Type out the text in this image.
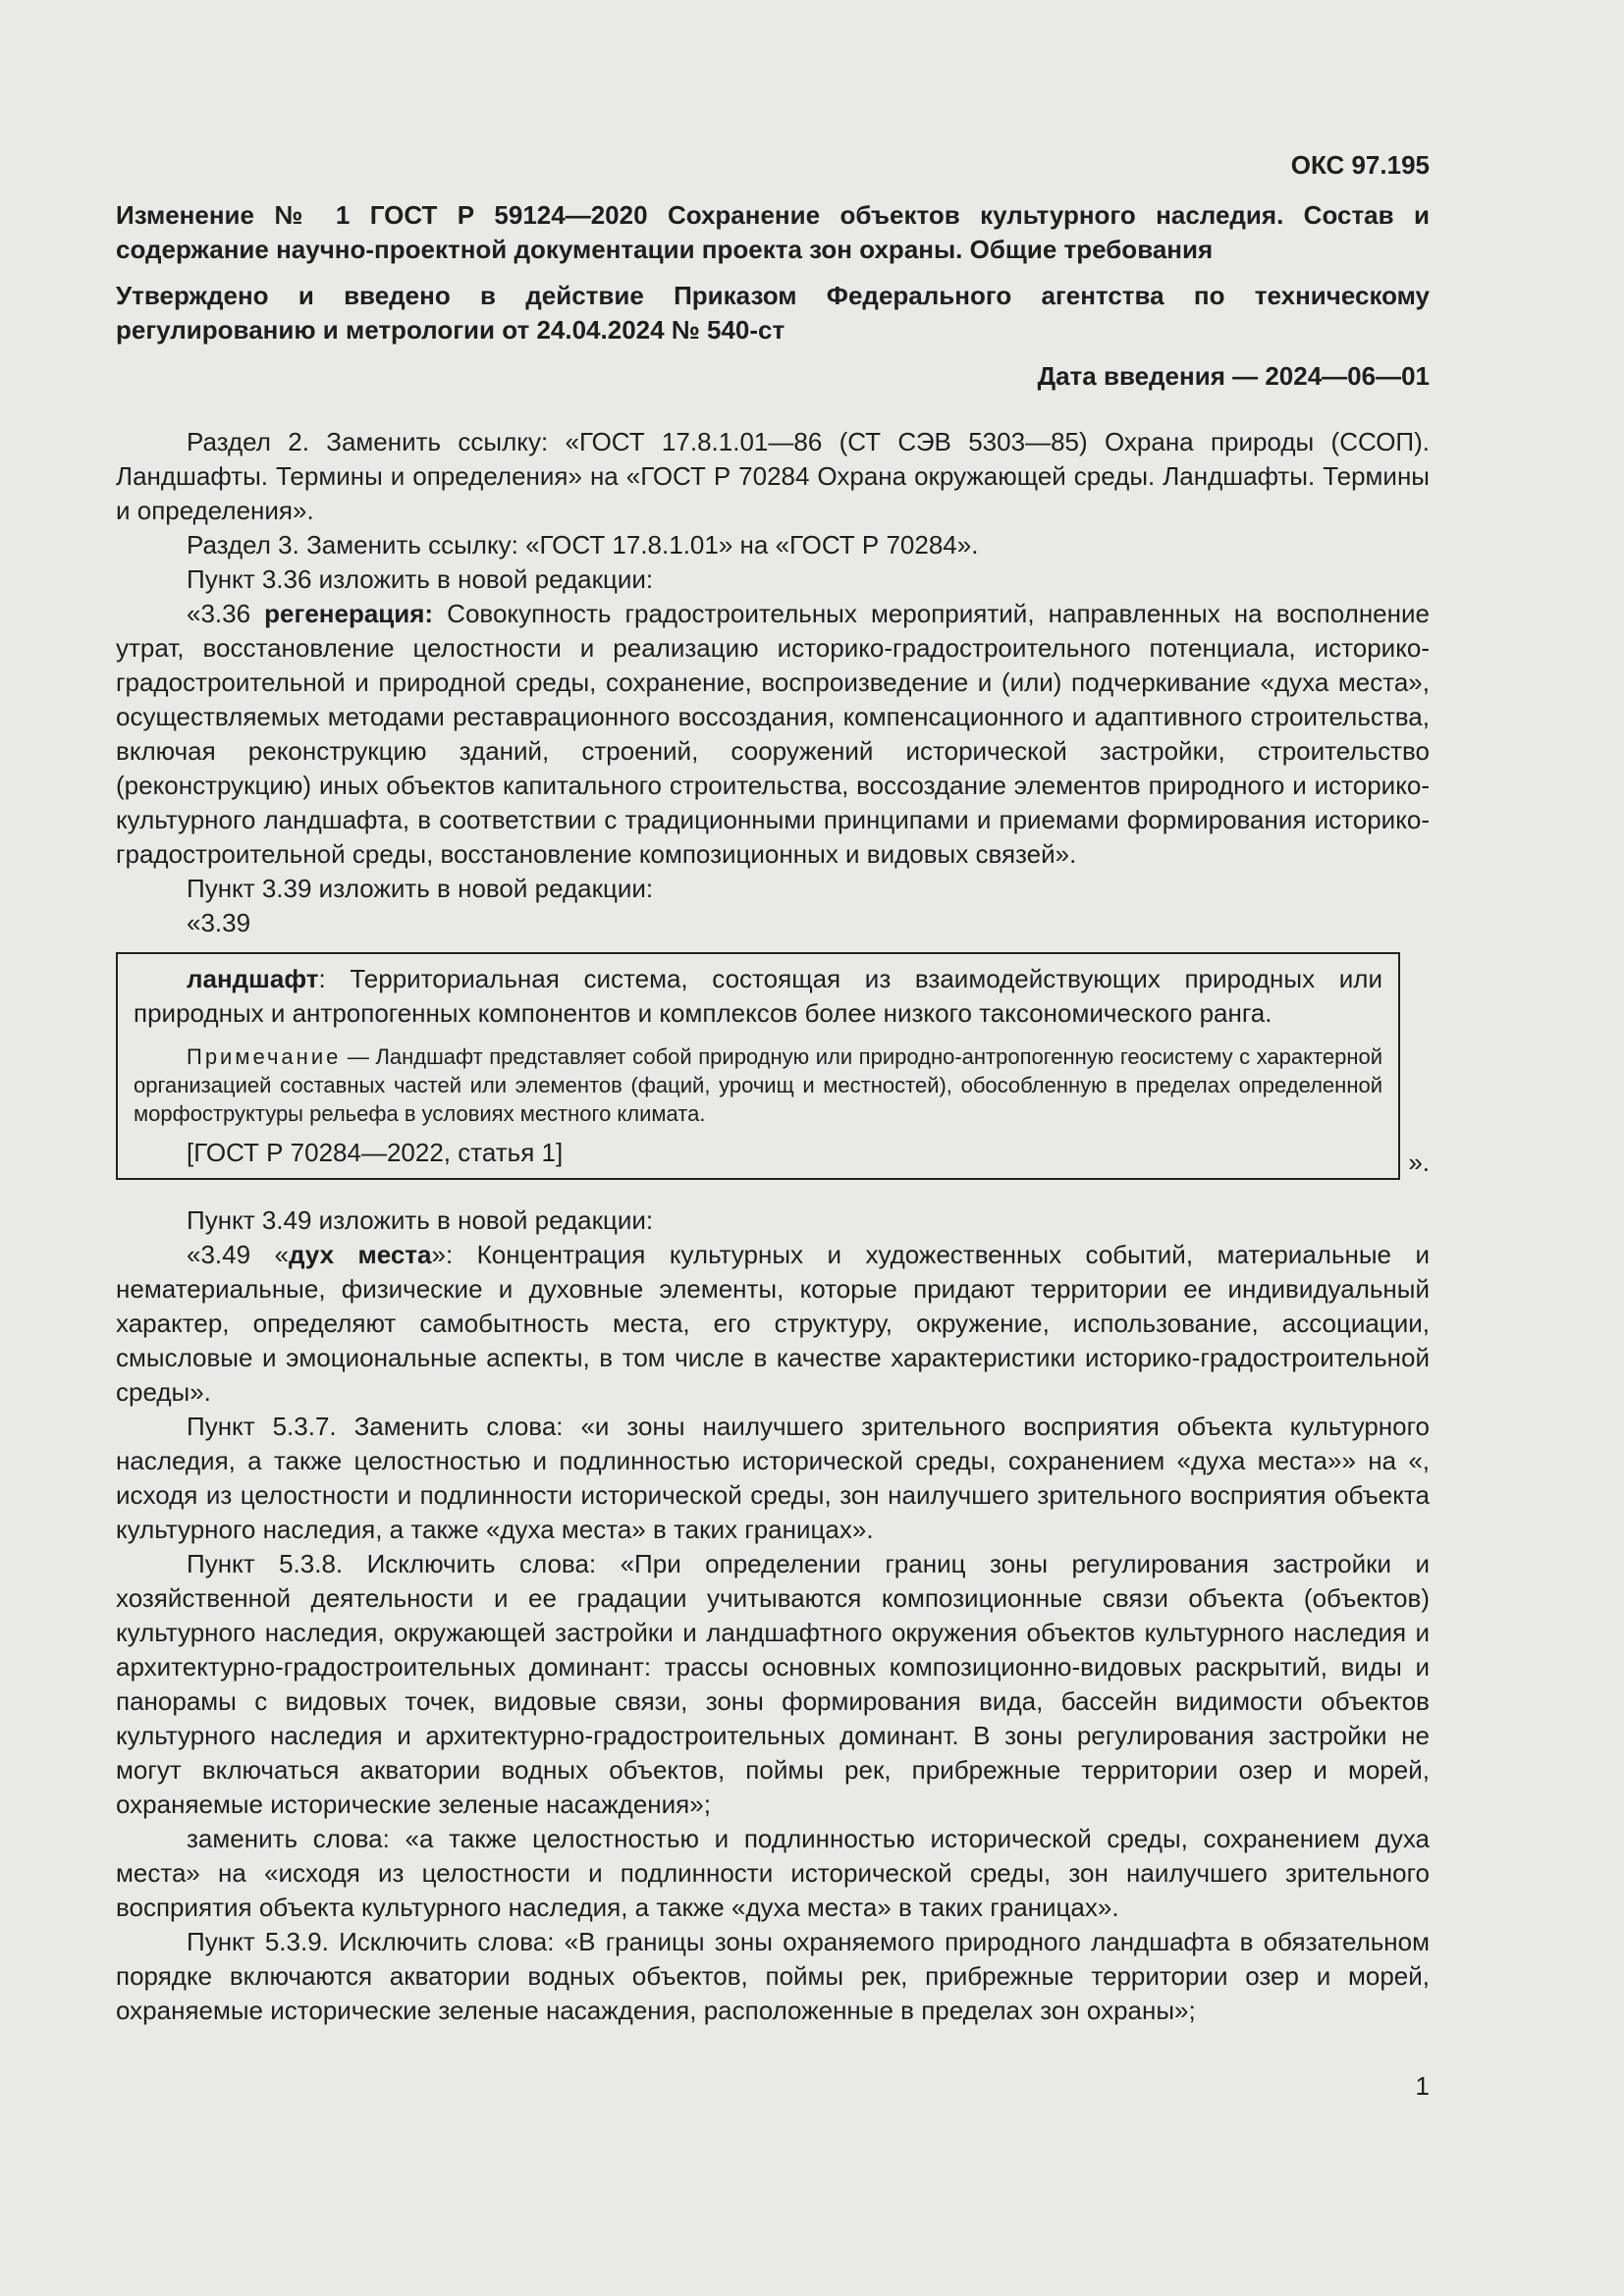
ОКС 97.195

Изменение № 1 ГОСТ Р 59124—2020 Сохранение объектов культурного наследия. Состав и содержание научно-проектной документации проекта зон охраны. Общие требования

Утверждено и введено в действие Приказом Федерального агентства по техническому регулированию и метрологии от 24.04.2024 № 540-ст

Дата введения — 2024—06—01

Раздел 2. Заменить ссылку: «ГОСТ 17.8.1.01—86 (СТ СЭВ 5303—85) Охрана природы (ССОП). Ландшафты. Термины и определения» на «ГОСТ Р 70284 Охрана окружающей среды. Ландшафты. Термины и определения».

Раздел 3. Заменить ссылку: «ГОСТ 17.8.1.01» на «ГОСТ Р 70284».

Пункт 3.36 изложить в новой редакции:

«3.36 регенерация: Совокупность градостроительных мероприятий, направленных на восполнение утрат, восстановление целостности и реализацию историко-градостроительного потенциала, историко-градостроительной и природной среды, сохранение, воспроизведение и (или) подчеркивание «духа места», осуществляемых методами реставрационного воссоздания, компенсационного и адаптивного строительства, включая реконструкцию зданий, строений, сооружений исторической застройки, строительство (реконструкцию) иных объектов капитального строительства, воссоздание элементов природного и историко-культурного ландшафта, в соответствии с традиционными принципами и приемами формирования историко-градостроительной среды, восстановление композиционных и видовых связей».

Пункт 3.39 изложить в новой редакции:

«3.39

ландшафт: Территориальная система, состоящая из взаимодействующих природных или природных и антропогенных компонентов и комплексов более низкого таксономического ранга.

Примечание — Ландшафт представляет собой природную или природно-антропогенную геосистему с характерной организацией составных частей или элементов (фаций, урочищ и местностей), обособленную в пределах определенной морфоструктуры рельефа в условиях местного климата.

[ГОСТ Р 70284—2022, статья 1]	».

Пункт 3.49 изложить в новой редакции:

«3.49 «дух места»: Концентрация культурных и художественных событий, материальные и нематериальные, физические и духовные элементы, которые придают территории ее индивидуальный характер, определяют самобытность места, его структуру, окружение, использование, ассоциации, смысловые и эмоциональные аспекты, в том числе в качестве характеристики историко-градостроительной среды».

Пункт 5.3.7. Заменить слова: «и зоны наилучшего зрительного восприятия объекта культурного наследия, а также целостностью и подлинностью исторической среды, сохранением «духа места»» на «, исходя из целостности и подлинности исторической среды, зон наилучшего зрительного восприятия объекта культурного наследия, а также «духа места» в таких границах».

Пункт 5.3.8. Исключить слова: «При определении границ зоны регулирования застройки и хозяйственной деятельности и ее градации учитываются композиционные связи объекта (объектов) культурного наследия, окружающей застройки и ландшафтного окружения объектов культурного наследия и архитектурно-градостроительных доминант: трассы основных композиционно-видовых раскрытий, виды и панорамы с видовых точек, видовые связи, зоны формирования вида, бассейн видимости объектов культурного наследия и архитектурно-градостроительных доминант. В зоны регулирования застройки не могут включаться акватории водных объектов, поймы рек, прибрежные территории озер и морей, охраняемые исторические зеленые насаждения»;

заменить слова: «а также целостностью и подлинностью исторической среды, сохранением духа места» на «исходя из целостности и подлинности исторической среды, зон наилучшего зрительного восприятия объекта культурного наследия, а также «духа места» в таких границах».

Пункт 5.3.9. Исключить слова: «В границы зоны охраняемого природного ландшафта в обязательном порядке включаются акватории водных объектов, поймы рек, прибрежные территории озер и морей, охраняемые исторические зеленые насаждения, расположенные в пределах зон охраны»;

1
